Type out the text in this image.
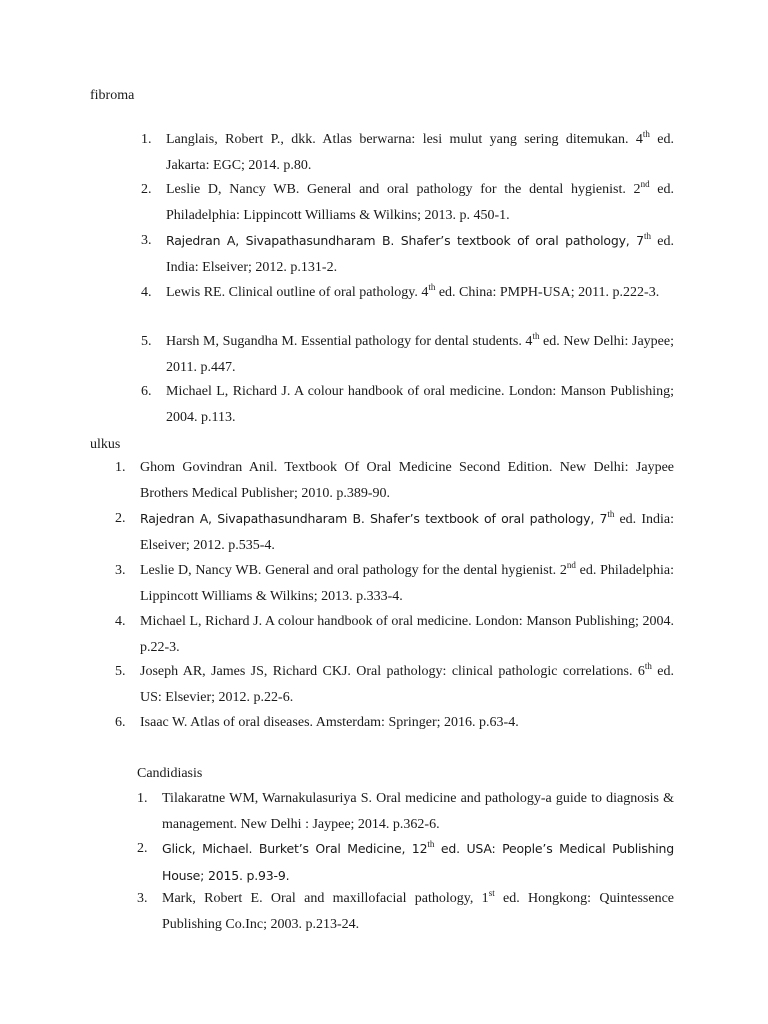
fibroma
1. Langlais, Robert P., dkk. Atlas berwarna: lesi mulut yang sering ditemukan. 4th ed. Jakarta: EGC; 2014. p.80.
2. Leslie D, Nancy WB. General and oral pathology for the dental hygienist. 2nd ed. Philadelphia: Lippincott Williams & Wilkins; 2013. p. 450-1.
3. Rajedran A, Sivapathasundharam B. Shafer’s textbook of oral pathology, 7th ed. India: Elseiver; 2012. p.131-2.
4. Lewis RE. Clinical outline of oral pathology. 4th ed. China: PMPH-USA; 2011. p.222-3.
5. Harsh M, Sugandha M. Essential pathology for dental students. 4th ed. New Delhi: Jaypee; 2011. p.447.
6. Michael L, Richard J. A colour handbook of oral medicine. London: Manson Publishing; 2004. p.113.
ulkus
1. Ghom Govindran Anil. Textbook Of Oral Medicine Second Edition. New Delhi: Jaypee Brothers Medical Publisher; 2010. p.389-90.
2. Rajedran A, Sivapathasundharam B. Shafer’s textbook of oral pathology, 7th ed. India: Elseiver; 2012. p.535-4.
3. Leslie D, Nancy WB. General and oral pathology for the dental hygienist. 2nd ed. Philadelphia: Lippincott Williams & Wilkins; 2013. p.333-4.
4. Michael L, Richard J. A colour handbook of oral medicine. London: Manson Publishing; 2004. p.22-3.
5. Joseph AR, James JS, Richard CKJ. Oral pathology: clinical pathologic correlations. 6th ed. US: Elsevier; 2012. p.22-6.
6. Isaac W. Atlas of oral diseases. Amsterdam: Springer; 2016. p.63-4.
Candidiasis
1. Tilakaratne WM, Warnakulasuriya S. Oral medicine and pathology-a guide to diagnosis & management. New Delhi : Jaypee; 2014. p.362-6.
2. Glick, Michael. Burket’s Oral Medicine, 12th ed. USA: People’s Medical Publishing House; 2015. p.93-9.
3. Mark, Robert E. Oral and maxillofacial pathology, 1st ed. Hongkong: Quintessence Publishing Co.Inc; 2003. p.213-24.
